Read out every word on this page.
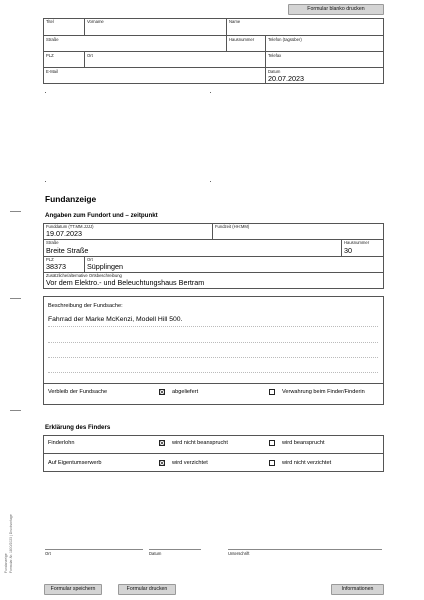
Formular blanko drucken
Titel	Vorname	Name
Straße	Hausnummer	Telefon (tagsüber)
PLZ	Ort	Telefax
E-Mail	Datum
20.07.2023
Fundanzeige
Angaben zum Fundort und – zeitpunkt
Funddatum (TT.MM.JJJJ)
19.07.2023
Fundzeit (HH:MM)
Straße
Breite Straße
Hausnummer
30
PLZ
38373
Ort
Süpplingen
Zusätzliche/alternative Ortsbeschreibung
Vor dem Elektro.- und Beleuchtungshaus Bertram
Beschreibung der Fundsache:
Fahrrad der Marke McKenzi, Modell Hill 500.
Verbleib der Fundsache	abgeliefert	Verwahrung beim Finder/Finderin
Erklärung des Finders
Finderlohn	wird nicht beansprucht	wird beansprucht
Auf Eigentumserwerb	wird verzichtet	wird nicht verzichtet
Ort	Datum	Unterschrift
Fundanzeige Formular-Nr. 1800/2023 | Druckvorlage
Formular speichern	Formular drucken	Informationen
